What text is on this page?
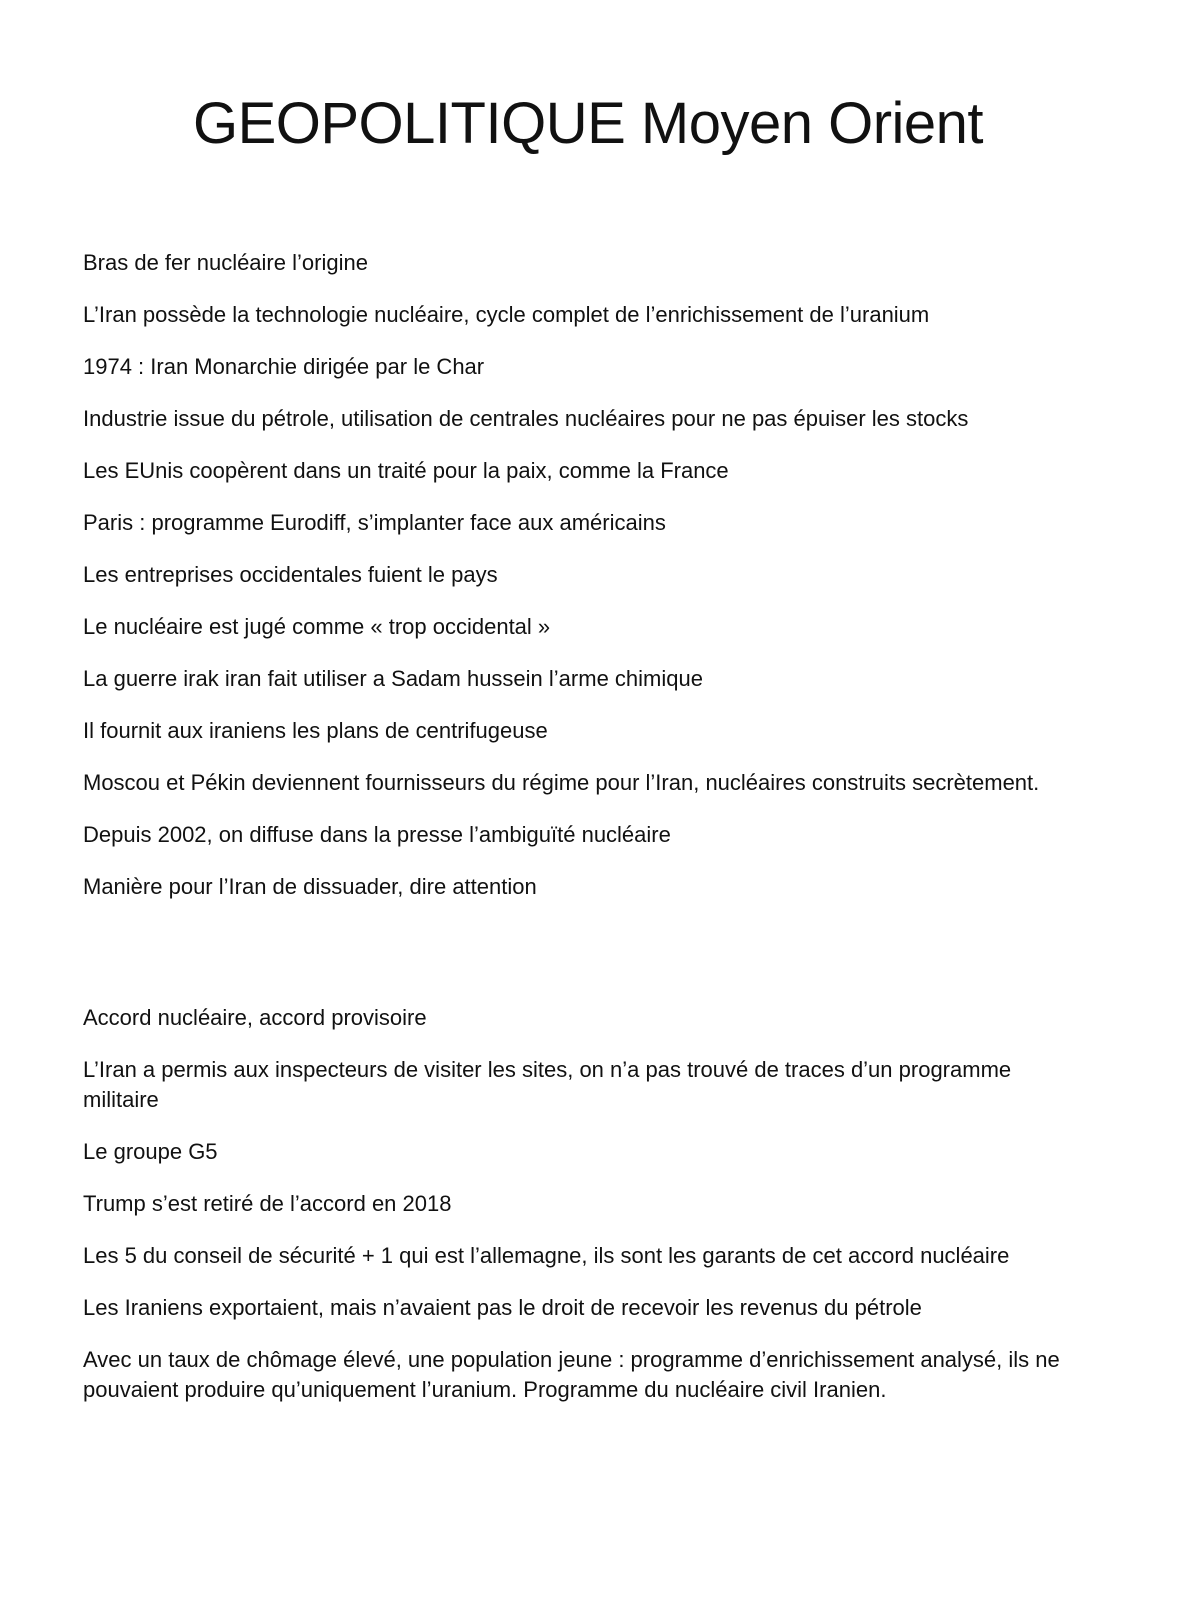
GEOPOLITIQUE Moyen Orient

Bras de fer nucléaire l’origine

L’Iran possède la technologie nucléaire, cycle complet de l’enrichissement de l’uranium

1974 : Iran Monarchie dirigée par le Char

Industrie issue du pétrole, utilisation de centrales nucléaires pour ne pas épuiser les stocks

Les EUnis coopèrent dans un traité pour la paix, comme la France

Paris : programme Eurodiff, s’implanter face aux américains

Les entreprises occidentales fuient le pays

Le nucléaire est jugé comme « trop occidental »

La guerre irak iran fait utiliser a Sadam hussein l’arme chimique

Il fournit aux iraniens les plans de centrifugeuse

Moscou et Pékin deviennent fournisseurs du régime pour l’Iran, nucléaires construits secrètement.

Depuis 2002, on diffuse dans la presse l’ambiguïté nucléaire

Manière pour l’Iran de dissuader, dire attention

Accord nucléaire, accord provisoire

L’Iran a permis aux inspecteurs de visiter les sites, on n’a pas trouvé de traces d’un programme militaire

Le groupe G5

Trump s’est retiré de l’accord en 2018

Les 5 du conseil de sécurité + 1 qui est l’allemagne, ils sont les garants de cet accord nucléaire

Les Iraniens exportaient, mais n’avaient pas le droit de recevoir les revenus du pétrole

Avec un taux de chômage élevé, une population jeune : programme d’enrichissement analysé, ils ne pouvaient produire qu’uniquement l’uranium. Programme du nucléaire civil Iranien.
